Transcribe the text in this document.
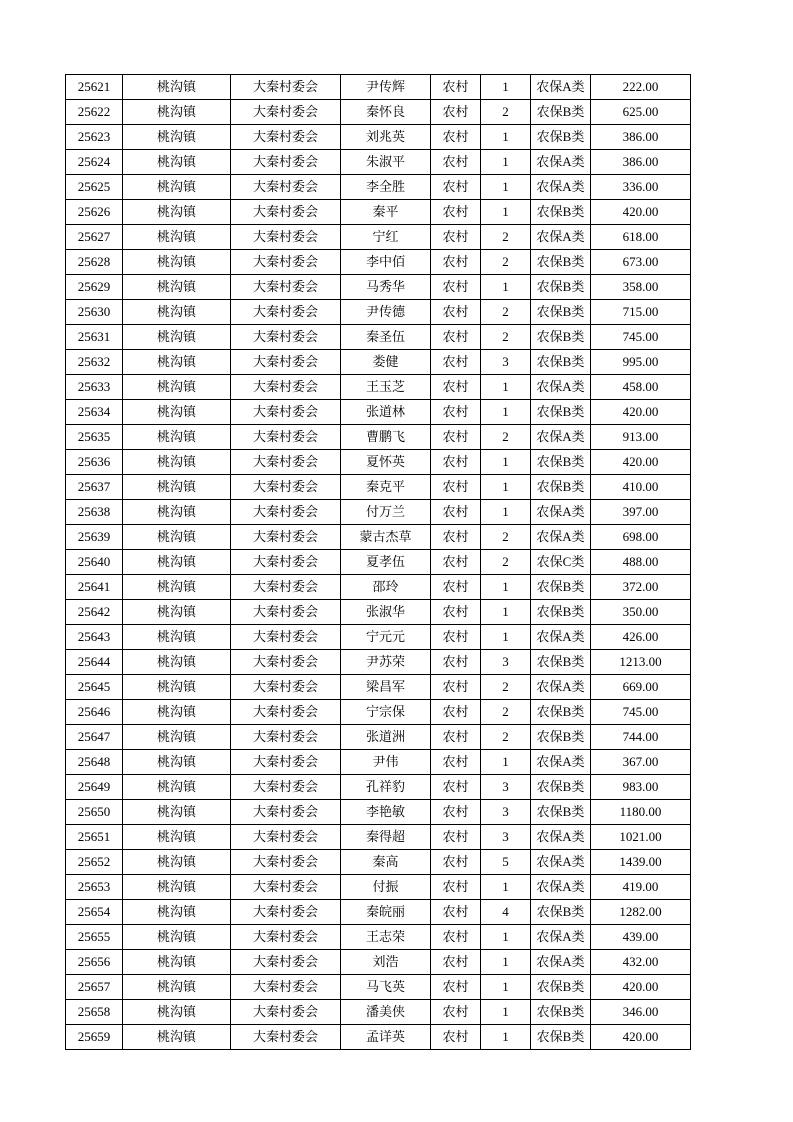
25621	桃沟镇	大秦村委会	尹传辉	农村	1	农保A类	222.00
25622	桃沟镇	大秦村委会	秦怀良	农村	2	农保B类	625.00
25623	桃沟镇	大秦村委会	刘兆英	农村	1	农保B类	386.00
25624	桃沟镇	大秦村委会	朱淑平	农村	1	农保A类	386.00
25625	桃沟镇	大秦村委会	李全胜	农村	1	农保A类	336.00
25626	桃沟镇	大秦村委会	秦平	农村	1	农保B类	420.00
25627	桃沟镇	大秦村委会	宁红	农村	2	农保A类	618.00
25628	桃沟镇	大秦村委会	李中佰	农村	2	农保B类	673.00
25629	桃沟镇	大秦村委会	马秀华	农村	1	农保B类	358.00
25630	桃沟镇	大秦村委会	尹传德	农村	2	农保B类	715.00
25631	桃沟镇	大秦村委会	秦圣伍	农村	2	农保B类	745.00
25632	桃沟镇	大秦村委会	娄健	农村	3	农保B类	995.00
25633	桃沟镇	大秦村委会	王玉芝	农村	1	农保A类	458.00
25634	桃沟镇	大秦村委会	张道林	农村	1	农保B类	420.00
25635	桃沟镇	大秦村委会	曹鹏飞	农村	2	农保A类	913.00
25636	桃沟镇	大秦村委会	夏怀英	农村	1	农保B类	420.00
25637	桃沟镇	大秦村委会	秦克平	农村	1	农保B类	410.00
25638	桃沟镇	大秦村委会	付万兰	农村	1	农保A类	397.00
25639	桃沟镇	大秦村委会	蒙古杰草	农村	2	农保A类	698.00
25640	桃沟镇	大秦村委会	夏孝伍	农村	2	农保C类	488.00
25641	桃沟镇	大秦村委会	邵玲	农村	1	农保B类	372.00
25642	桃沟镇	大秦村委会	张淑华	农村	1	农保B类	350.00
25643	桃沟镇	大秦村委会	宁元元	农村	1	农保A类	426.00
25644	桃沟镇	大秦村委会	尹苏荣	农村	3	农保B类	1213.00
25645	桃沟镇	大秦村委会	梁昌军	农村	2	农保A类	669.00
25646	桃沟镇	大秦村委会	宁宗保	农村	2	农保B类	745.00
25647	桃沟镇	大秦村委会	张道洲	农村	2	农保B类	744.00
25648	桃沟镇	大秦村委会	尹伟	农村	1	农保A类	367.00
25649	桃沟镇	大秦村委会	孔祥豹	农村	3	农保B类	983.00
25650	桃沟镇	大秦村委会	李艳敏	农村	3	农保B类	1180.00
25651	桃沟镇	大秦村委会	秦得超	农村	3	农保A类	1021.00
25652	桃沟镇	大秦村委会	秦高	农村	5	农保A类	1439.00
25653	桃沟镇	大秦村委会	付振	农村	1	农保A类	419.00
25654	桃沟镇	大秦村委会	秦皖丽	农村	4	农保B类	1282.00
25655	桃沟镇	大秦村委会	王志荣	农村	1	农保A类	439.00
25656	桃沟镇	大秦村委会	刘浩	农村	1	农保A类	432.00
25657	桃沟镇	大秦村委会	马飞英	农村	1	农保B类	420.00
25658	桃沟镇	大秦村委会	潘美侠	农村	1	农保B类	346.00
25659	桃沟镇	大秦村委会	孟详英	农村	1	农保B类	420.00
